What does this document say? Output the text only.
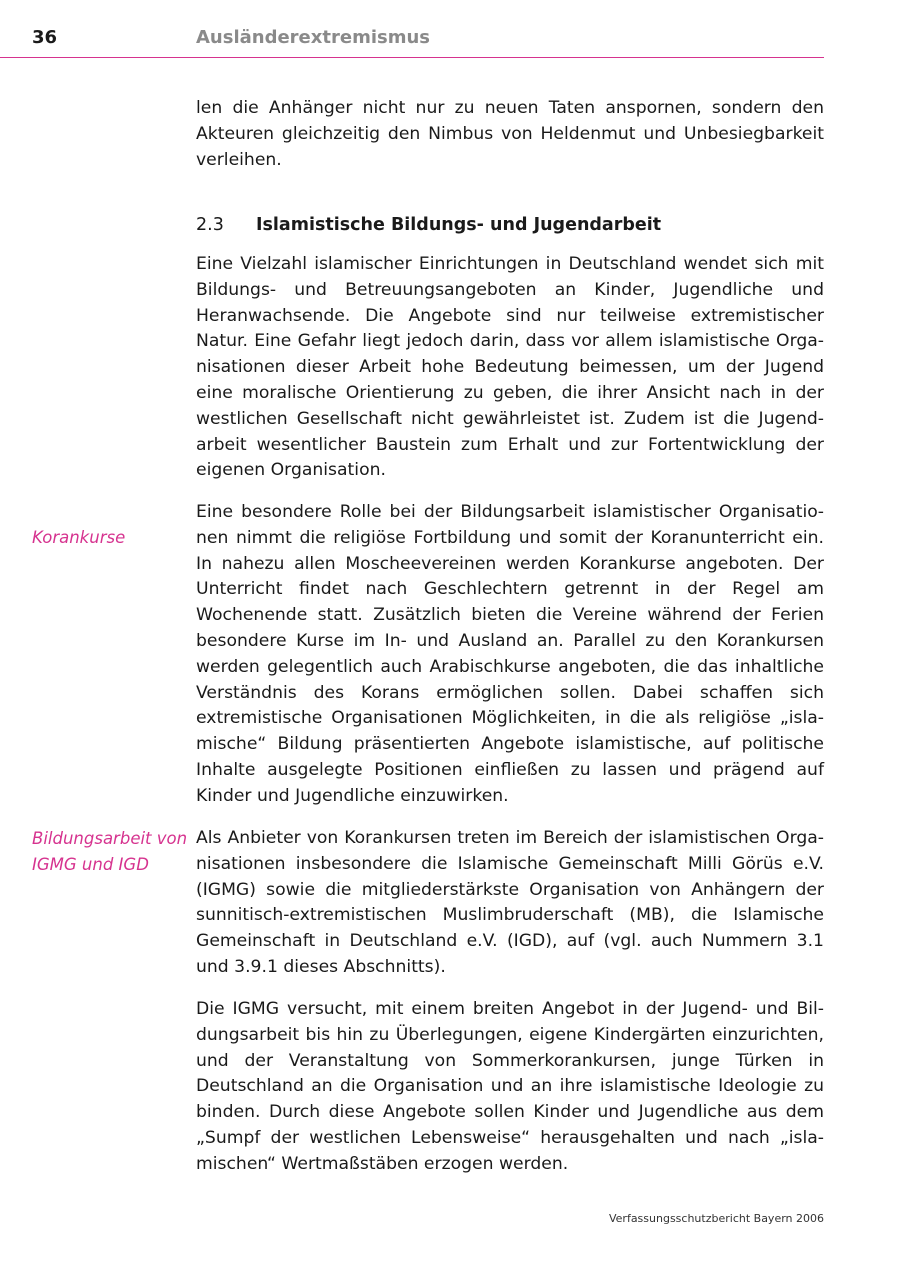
36	Ausländerextremismus

len die Anhänger nicht nur zu neuen Taten anspornen, sondern den Akteuren gleichzeitig den Nimbus von Heldenmut und Unbesiegbarkeit verleihen.

2.3 Islamistische Bildungs- und Jugendarbeit

Eine Vielzahl islamischer Einrichtungen in Deutschland wendet sich mit Bildungs- und Betreuungsangeboten an Kinder, Jugendliche und Heranwachsende. Die Angebote sind nur teilweise extremistischer Natur. Eine Gefahr liegt jedoch darin, dass vor allem islamistische Organisationen dieser Arbeit hohe Bedeutung beimessen, um der Jugend eine moralische Orientierung zu geben, die ihrer Ansicht nach in der westlichen Gesellschaft nicht gewährleistet ist. Zudem ist die Jugendarbeit wesentlicher Baustein zum Erhalt und zur Fortentwicklung der eigenen Organisation.

Korankurse

Eine besondere Rolle bei der Bildungsarbeit islamistischer Organisationen nimmt die religiöse Fortbildung und somit der Koranunterricht ein. In nahezu allen Moscheevereinen werden Korankurse angeboten. Der Unterricht findet nach Geschlechtern getrennt in der Regel am Wochenende statt. Zusätzlich bieten die Vereine während der Ferien besondere Kurse im In- und Ausland an. Parallel zu den Korankursen werden gelegentlich auch Arabischkurse angeboten, die das inhaltliche Verständnis des Korans ermöglichen sollen. Dabei schaffen sich extremistische Organisationen Möglichkeiten, in die als religiöse „islamische“ Bildung präsentierten Angebote islamistische, auf politische Inhalte ausgelegte Positionen einfließen zu lassen und prägend auf Kinder und Jugendliche einzuwirken.

Bildungsarbeit von IGMG und IGD

Als Anbieter von Korankursen treten im Bereich der islamistischen Organisationen insbesondere die Islamische Gemeinschaft Milli Görüs e.V. (IGMG) sowie die mitgliederstärkste Organisation von Anhängern der sunnitisch-extremistischen Muslimbruderschaft (MB), die Islamische Gemeinschaft in Deutschland e.V. (IGD), auf (vgl. auch Nummern 3.1 und 3.9.1 dieses Abschnitts).

Die IGMG versucht, mit einem breiten Angebot in der Jugend- und Bildungsarbeit bis hin zu Überlegungen, eigene Kindergärten einzurichten, und der Veranstaltung von Sommerkorankursen, junge Türken in Deutschland an die Organisation und an ihre islamistische Ideologie zu binden. Durch diese Angebote sollen Kinder und Jugendliche aus dem „Sumpf der westlichen Lebensweise“ herausgehalten und nach „islamischen“ Wertmaßstäben erzogen werden.

Verfassungsschutzbericht Bayern 2006
